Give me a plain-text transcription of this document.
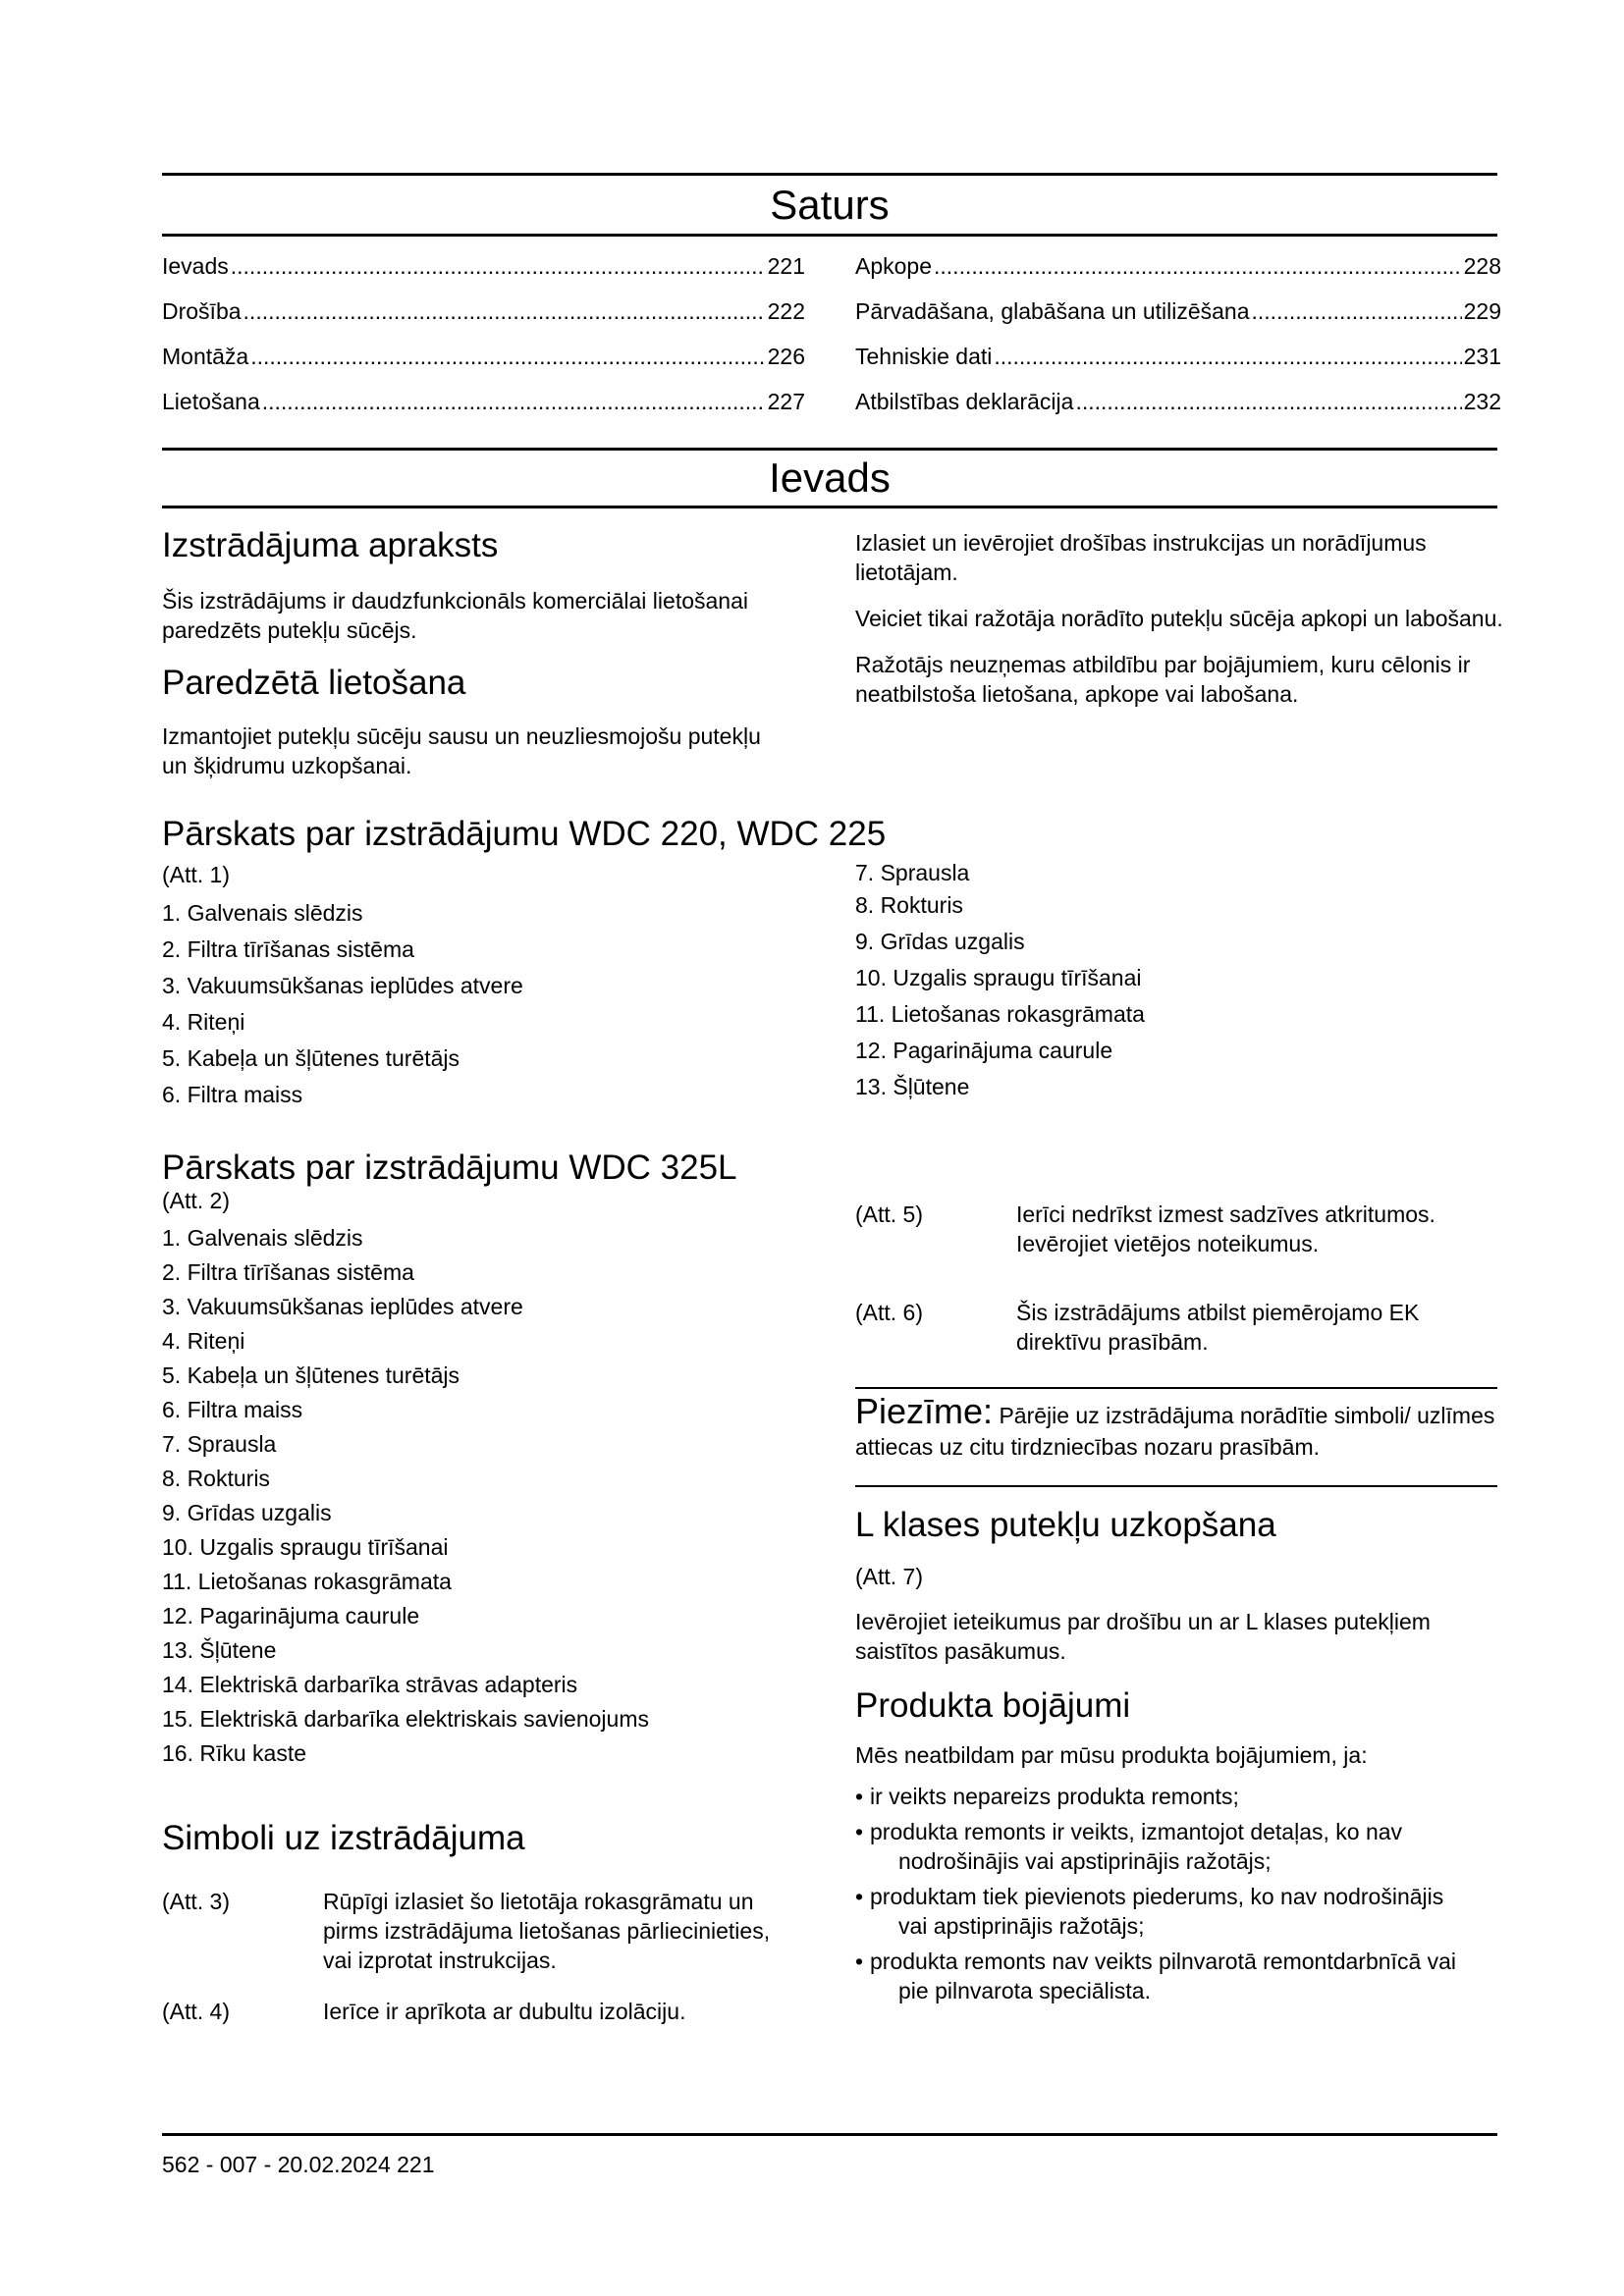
Saturs
Ievads .....	221
Drošība .....	222
Montāža .....	226
Lietošana .....	227
Apkope .....	228
Pārvadāšana, glabāšana un utilizēšana .....	229
Tehniskie dati .....	231
Atbilstības deklarācija .....	232
Ievads
Izstrādājuma apraksts

Šis izstrādājums ir daudzfunkcionāls komerciālai lietošanai paredzēts putekļu sūcējs.

Paredzētā lietošana

Izmantojiet putekļu sūcēju sausu un neuzliesmojošu putekļu un šķidrumu uzkopšanai.

Izlasiet un ievērojiet drošības instrukcijas un norādījumus lietotājam.

Veiciet tikai ražotāja norādīto putekļu sūcēja apkopi un labošanu.

Ražotājs neuzņemas atbildību par bojājumiem, kuru cēlonis ir neatbilstoša lietošana, apkope vai labošana.

Pārskats par izstrādājumu WDC 220, WDC 225

(Att. 1)

1. Galvenais slēdzis
2. Filtra tīrīšanas sistēma
3. Vakuumsūkšanas ieplūdes atvere
4. Riteņi
5. Kabeļa un šļūtenes turētājs
6. Filtra maiss
7. Sprausla
8. Rokturis
9. Grīdas uzgalis
10. Uzgalis spraugu tīrīšanai
11. Lietošanas rokasgrāmata
12. Pagarinājuma caurule
13. Šļūtene
Pārskats par izstrādājumu WDC 325L

(Att. 2)

1. Galvenais slēdzis
2. Filtra tīrīšanas sistēma
3. Vakuumsūkšanas ieplūdes atvere
4. Riteņi
5. Kabeļa un šļūtenes turētājs
6. Filtra maiss
7. Sprausla
8. Rokturis
9. Grīdas uzgalis
10. Uzgalis spraugu tīrīšanai
11. Lietošanas rokasgrāmata
12. Pagarinājuma caurule
13. Šļūtene
14. Elektriskā darbarīka strāvas adapteris
15. Elektriskā darbarīka elektriskais savienojums
16. Rīku kaste
Simboli uz izstrādājuma
(Att. 3)	Rūpīgi izlasiet šo lietotāja rokasgrāmatu un pirms izstrādājuma lietošanas pārliecinieties, vai izprotat instrukcijas.
(Att. 4)	Ierīce ir aprīkota ar dubultu izolāciju.
(Att. 5)	Ierīci nedrīkst izmest sadzīves atkritumos. Ievērojiet vietējos noteikumus.
(Att. 6)	Šis izstrādājums atbilst piemērojamo EK direktīvu prasībām.

Piezīme: Pārējie uz izstrādājuma norādītie simboli/ uzlīmes attiecas uz citu tirdzniecības nozaru prasībām.

L klases putekļu uzkopšana

(Att. 7)

Ievērojiet ieteikumus par drošību un ar L klases putekļiem saistītos pasākumus.

Produkta bojājumi

Mēs neatbildam par mūsu produkta bojājumiem, ja:

• ir veikts nepareizs produkta remonts;
• produkta remonts ir veikts, izmantojot detaļas, ko nav nodrošinājis vai apstiprinājis ražotājs;
• produktam tiek pievienots piederums, ko nav nodrošinājis vai apstiprinājis ražotājs;
• produkta remonts nav veikts pilnvarotā remontdarbnīcā vai pie pilnvarota speciālista.
562 - 007 - 20.02.2024 221
